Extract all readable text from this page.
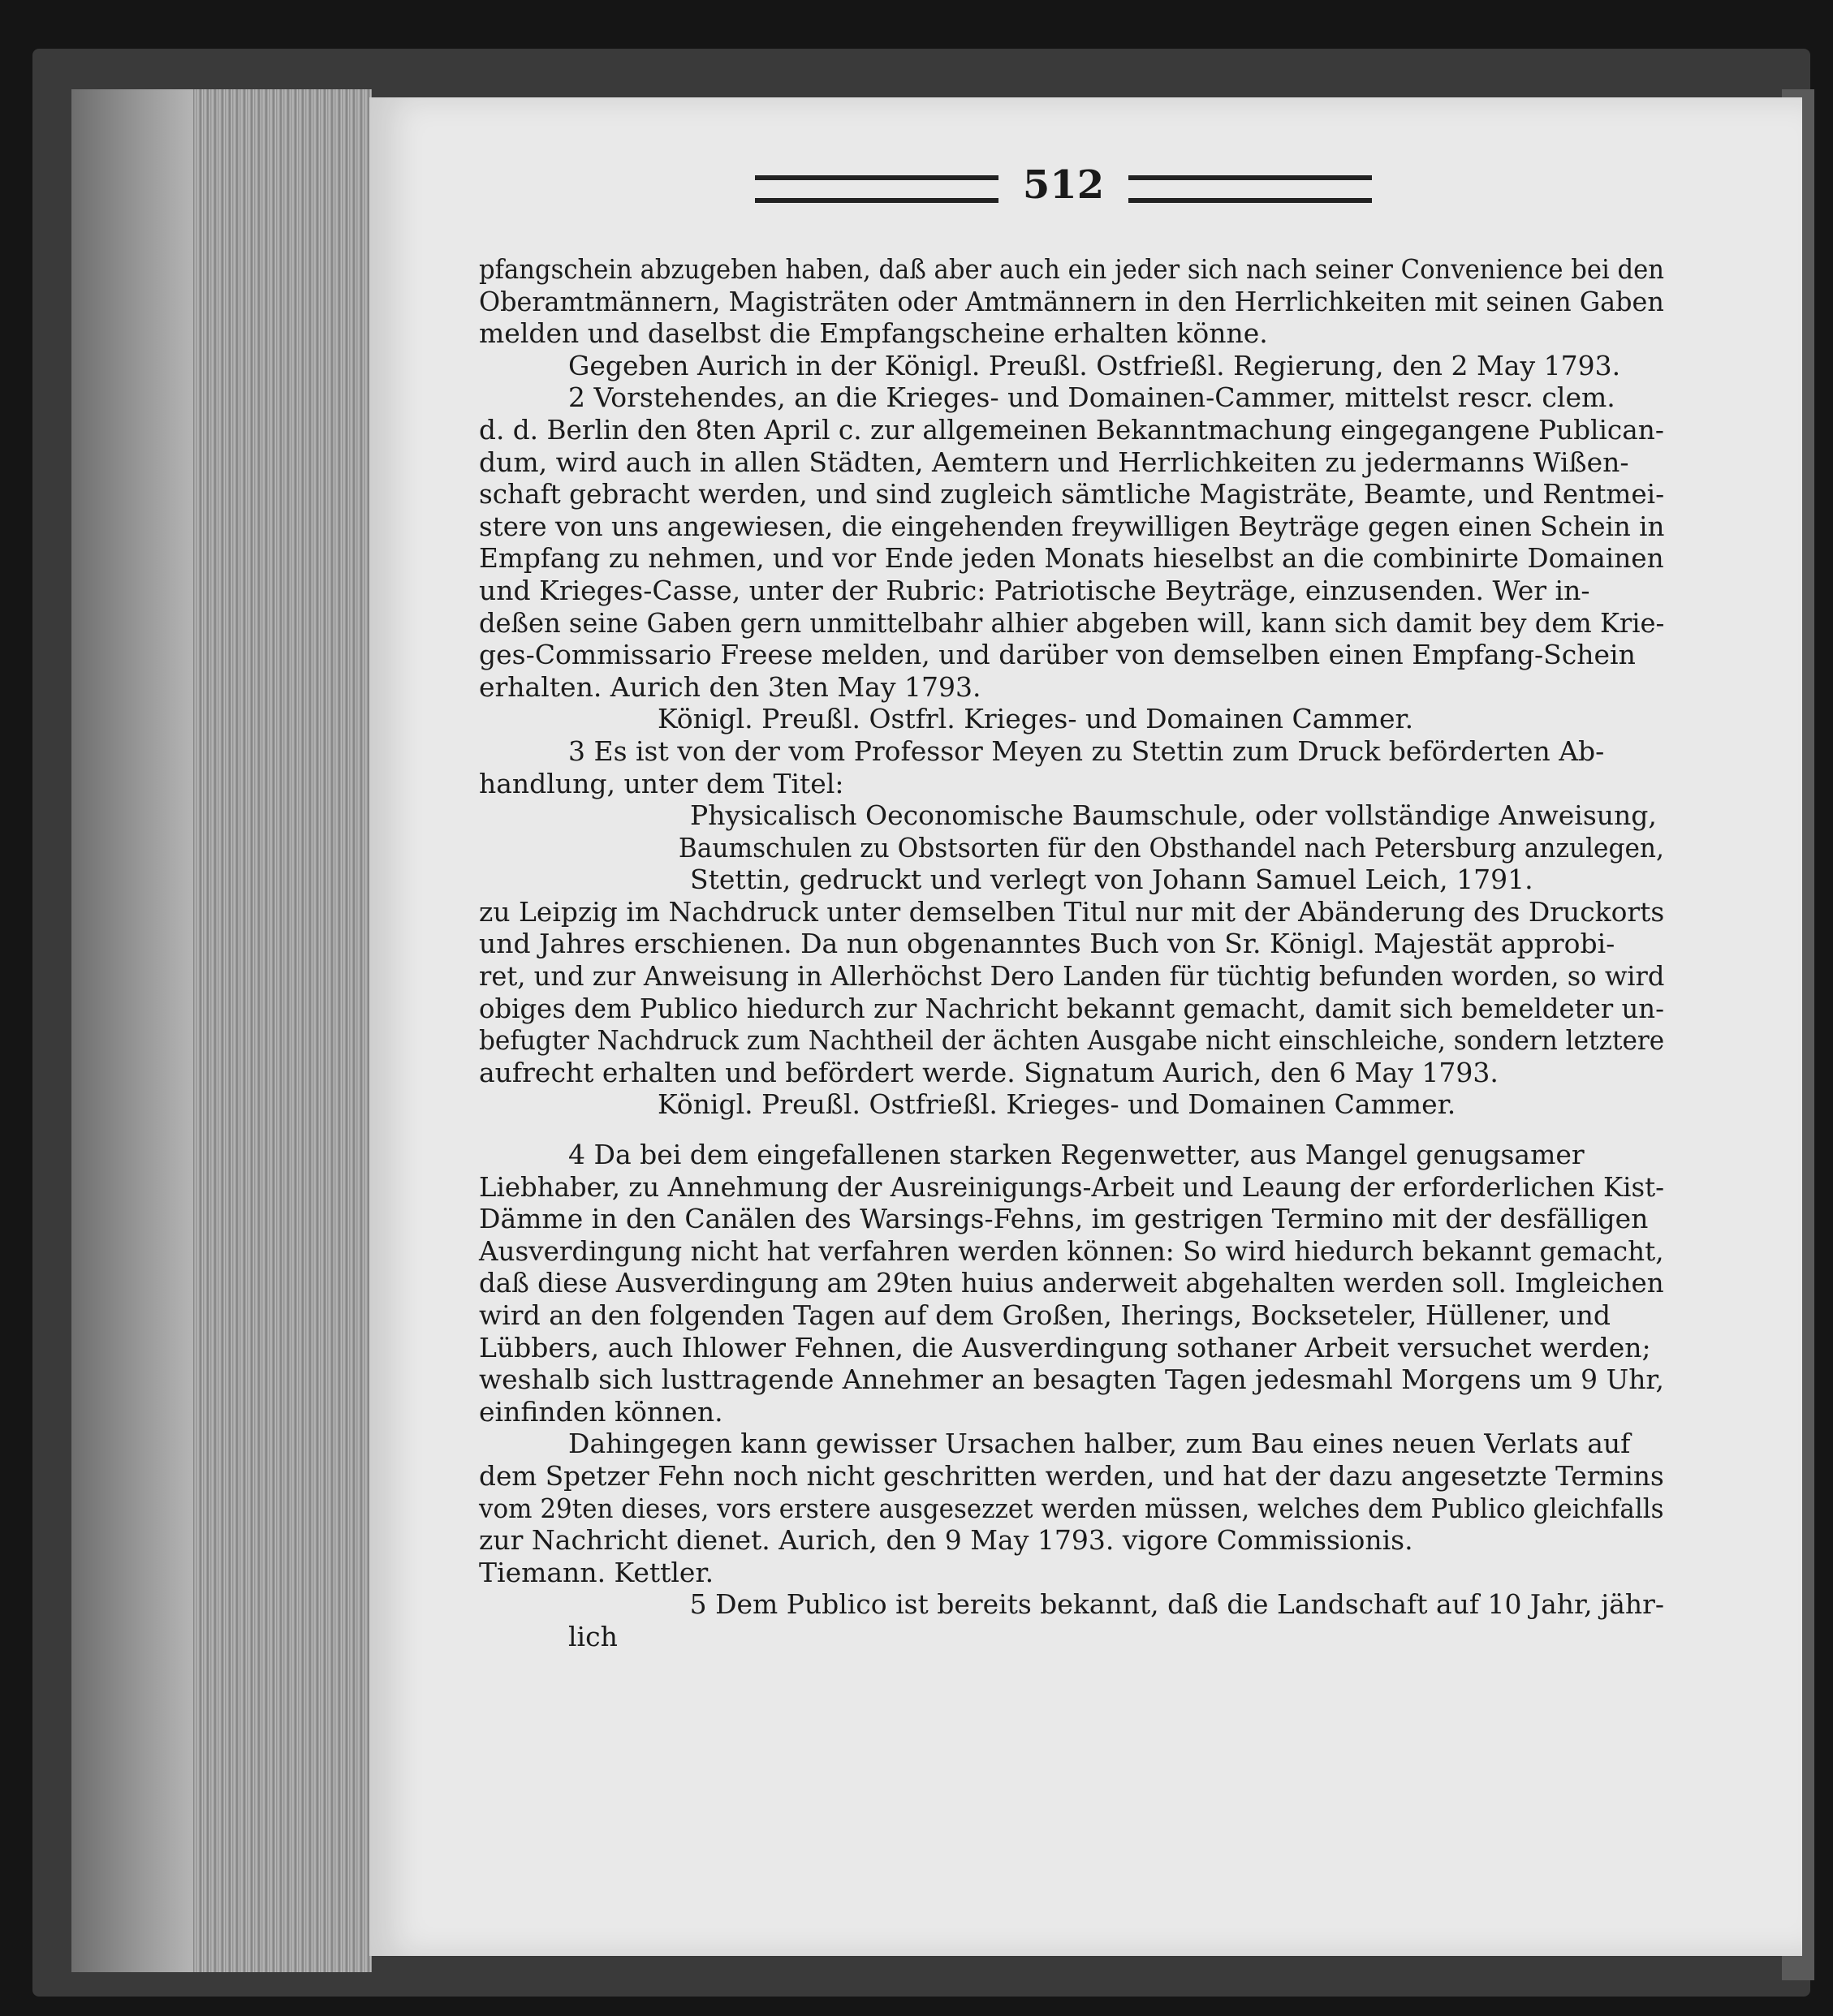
512
pfangschein abzugeben haben, daß aber auch ein jeder sich nach seiner Convenience bei den
Oberamtmännern, Magisträten oder Amtmännern in den Herrlichkeiten mit seinen Gaben
melden und daselbst die Empfangscheine erhalten könne.
Gegeben Aurich in der Königl. Preußl. Ostfrießl. Regierung, den 2 May 1793.
2 Vorstehendes, an die Krieges- und Domainen-Cammer, mittelst rescr. clem.
d. d. Berlin den 8ten April c. zur allgemeinen Bekanntmachung eingegangene Publican-
dum, wird auch in allen Städten, Aemtern und Herrlichkeiten zu jedermanns Wißen-
schaft gebracht werden, und sind zugleich sämtliche Magisträte, Beamte, und Rentmei-
stere von uns angewiesen, die eingehenden freywilligen Beyträge gegen einen Schein in
Empfang zu nehmen, und vor Ende jeden Monats hieselbst an die combinirte Domainen
und Krieges-Casse, unter der Rubric: Patriotische Beyträge, einzusenden. Wer in-
deßen seine Gaben gern unmittelbahr alhier abgeben will, kann sich damit bey dem Krie-
ges-Commissario Freese melden, und darüber von demselben einen Empfang-Schein
erhalten. Aurich den 3ten May 1793.
Königl. Preußl. Ostfrl. Krieges- und Domainen Cammer.
3 Es ist von der vom Professor Meyen zu Stettin zum Druck beförderten Ab-
handlung, unter dem Titel:
Physicalisch Oeconomische Baumschule, oder vollständige Anweisung,
Baumschulen zu Obstsorten für den Obsthandel nach Petersburg anzulegen,
Stettin, gedruckt und verlegt von Johann Samuel Leich, 1791.
zu Leipzig im Nachdruck unter demselben Titul nur mit der Abänderung des Druckorts
und Jahres erschienen. Da nun obgenanntes Buch von Sr. Königl. Majestät approbi-
ret, und zur Anweisung in Allerhöchst Dero Landen für tüchtig befunden worden, so wird
obiges dem Publico hiedurch zur Nachricht bekannt gemacht, damit sich bemeldeter un-
befugter Nachdruck zum Nachtheil der ächten Ausgabe nicht einschleiche, sondern letztere
aufrecht erhalten und befördert werde. Signatum Aurich, den 6 May 1793.
Königl. Preußl. Ostfrießl. Krieges- und Domainen Cammer.
4 Da bei dem eingefallenen starken Regenwetter, aus Mangel genugsamer
Liebhaber, zu Annehmung der Ausreinigungs-Arbeit und Leaung der erforderlichen Kist-
Dämme in den Canälen des Warsings-Fehns, im gestrigen Termino mit der desfälligen
Ausverdingung nicht hat verfahren werden können: So wird hiedurch bekannt gemacht,
daß diese Ausverdingung am 29ten huius anderweit abgehalten werden soll. Imgleichen
wird an den folgenden Tagen auf dem Großen, Iherings, Bockseteler, Hüllener, und
Lübbers, auch Ihlower Fehnen, die Ausverdingung sothaner Arbeit versuchet werden;
weshalb sich lusttragende Annehmer an besagten Tagen jedesmahl Morgens um 9 Uhr,
einfinden können.
Dahingegen kann gewisser Ursachen halber, zum Bau eines neuen Verlats auf
dem Spetzer Fehn noch nicht geschritten werden, und hat der dazu angesetzte Termins
vom 29ten dieses, vors erstere ausgesezzet werden müssen, welches dem Publico gleichfalls
zur Nachricht dienet. Aurich, den 9 May 1793. vigore Commissionis.
Tiemann. Kettler.
5 Dem Publico ist bereits bekannt, daß die Landschaft auf 10 Jahr, jähr-
lich
